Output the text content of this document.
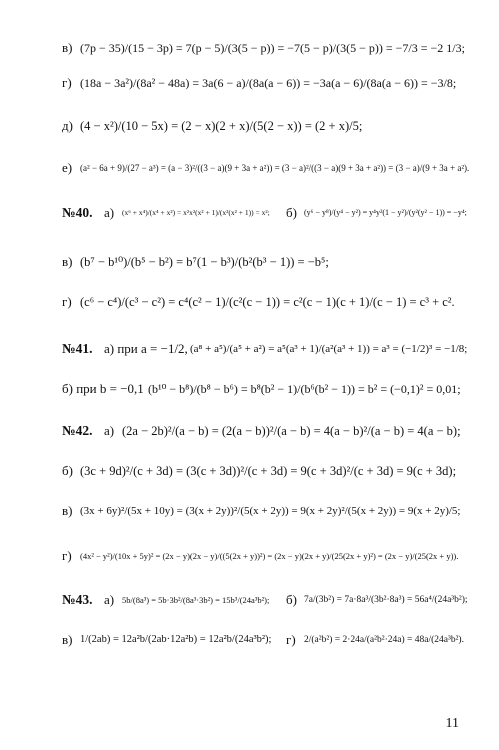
в) (7p − 35)/(15 − 3p) = 7(p − 5)/(3(5 − p)) = −7(5 − p)/(3(5 − p)) = −7/3 = −2 1/3;
г) (18a − 3a²)/(8a² − 48a) = 3a(6 − a)/(8a(a − 6)) = −3a(a − 6)/(8a(a − 6)) = −3/8;
д) (4 − x²)/(10 − 5x) = (2 − x)(2 + x)/(5(2 − x)) = (2 + x)/5;
е) (a² − 6a + 9)/(27 − a³) = (a − 3)²/((3 − a)(9 + 3a + a²)) = (3 − a)²/((3 − a)(9 + 3a + a²)) = (3 − a)/(9 + 3a + a²).
№40. а) (x⁶ + x⁴)/(x⁴ + x²) = x²x²(x² + 1)/(x²(x² + 1)) = x²; б) (y⁶ − y⁸)/(y⁴ − y²) = y⁴y²(1 − y²)/(y²(y² − 1)) = −y⁴;
в) (b⁷ − b¹⁰)/(b⁵ − b²) = b⁷(1 − b³)/(b²(b³ − 1)) = −b⁵;
г) (c⁶ − c⁴)/(c³ − c²) = c⁴(c² − 1)/(c²(c − 1)) = c²(c − 1)(c + 1)/(c − 1) = c³ + c².
№41. а) при a = −1/2, (a⁸ + a⁵)/(a⁵ + a²) = a⁵(a³ + 1)/(a²(a³ + 1)) = a³ = (−1/2)³ = −1/8;
б) при b = −0,1 (b¹⁰ − b⁸)/(b⁸ − b⁶) = b⁸(b² − 1)/(b⁶(b² − 1)) = b² = (−0,1)² = 0,01;
№42. а) (2a − 2b)²/(a − b) = (2(a − b))²/(a − b) = 4(a − b)²/(a − b) = 4(a − b);
б) (3c + 9d)²/(c + 3d) = (3(c + 3d))²/(c + 3d) = 9(c + 3d)²/(c + 3d) = 9(c + 3d);
в) (3x + 6y)²/(5x + 10y) = (3(x + 2y))²/(5(x + 2y)) = 9(x + 2y)²/(5(x + 2y)) = 9(x + 2y)/5;
г) (4x² − y²)/(10x + 5y)² = (2x − y)(2x − y)/((5(2x + y))²) = (2x − y)(2x + y)/(25(2x + y)²) = (2x − y)/(25(2x + y)).
№43. а) 5b/(8a³) = 5b·3b²/(8a³·3b²) = 15b³/(24a³b²); б) 7a/(3b²) = 7a·8a³/(3b²·8a³) = 56a⁴/(24a³b²);
в) 1/(2ab) = 12a²b/(2ab·12a²b) = 12a²b/(24a³b²); г) 2/(a²b²) = 2·24a/(a²b²·24a) = 48a/(24a³b²).
11
